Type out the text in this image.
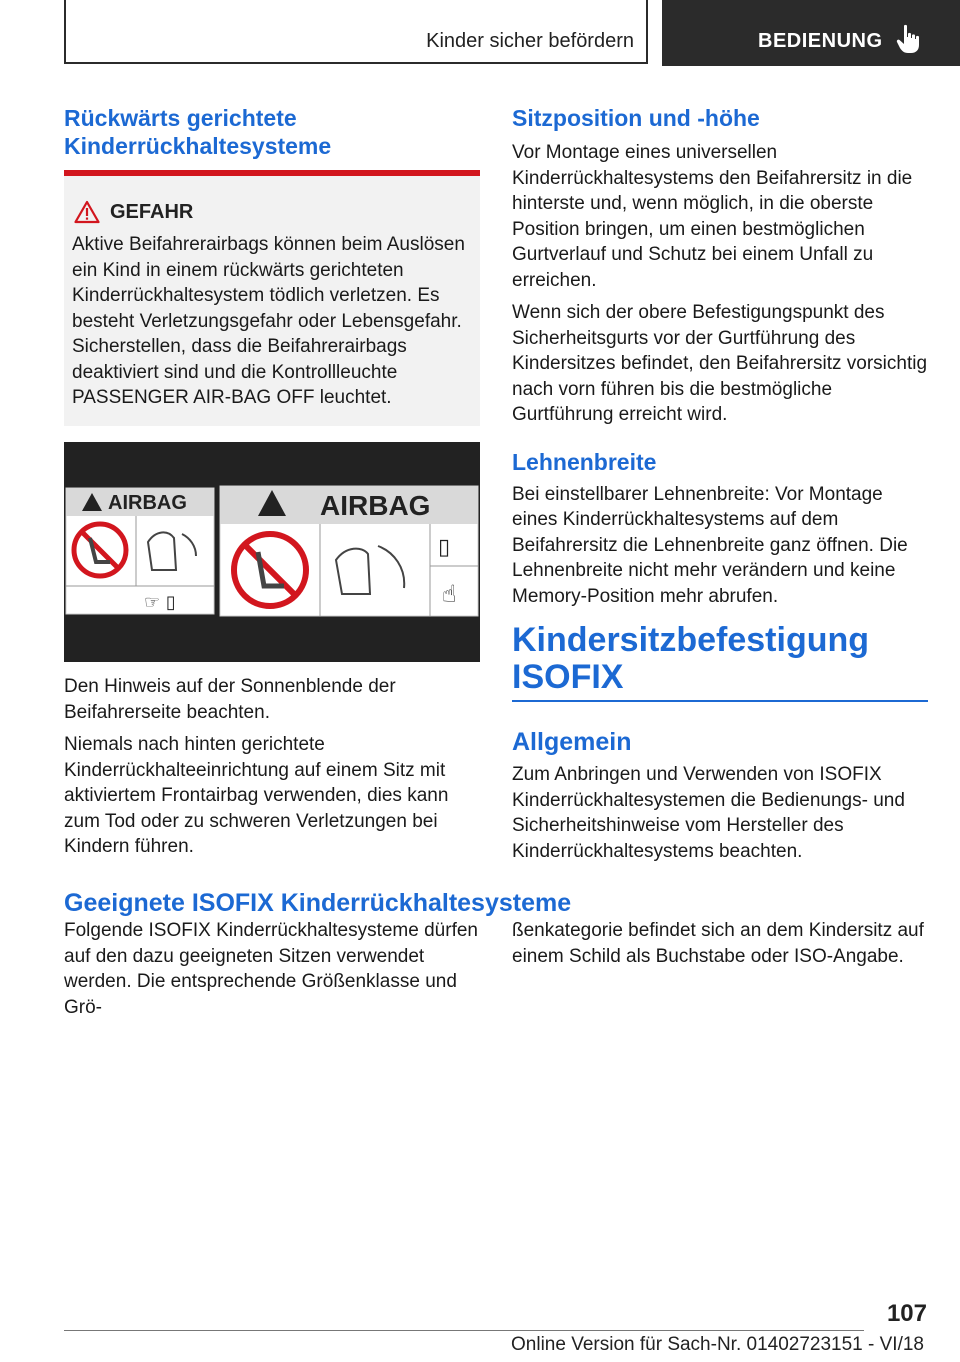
Kinder sicher befördern	BEDIENUNG
Rückwärts gerichtete Kinderrückhaltesysteme
GEFAHR

Aktive Beifahrerairbags können beim Auslösen ein Kind in einem rückwärts gerichteten Kinderrückhaltesystem tödlich verletzen. Es besteht Verletzungsgefahr oder Lebensgefahr. Sicherstellen, dass die Beifahrerairbags deaktiviert sind und die Kontrollleuchte PASSENGER AIR-BAG OFF leuchtet.

AIRBAG
☞ ▯
AIRBAG
▯
☝

Den Hinweis auf der Sonnenblende der Beifahrerseite beachten.

Niemals nach hinten gerichtete Kinderrückhalteeinrichtung auf einem Sitz mit aktiviertem Frontairbag verwenden, dies kann zum Tod oder zu schweren Verletzungen bei Kindern führen.

Sitzposition und -höhe

Vor Montage eines universellen Kinderrückhaltesystems den Beifahrersitz in die hinterste und, wenn möglich, in die oberste Position bringen, um einen bestmöglichen Gurtverlauf und Schutz bei einem Unfall zu erreichen.

Wenn sich der obere Befestigungspunkt des Sicherheitsgurts vor der Gurtführung des Kindersitzes befindet, den Beifahrersitz vorsichtig nach vorn führen bis die bestmögliche Gurtführung erreicht wird.

Lehnenbreite

Bei einstellbarer Lehnenbreite: Vor Montage eines Kinderrückhaltesystems auf dem Beifahrersitz die Lehnenbreite ganz öffnen. Die Lehnenbreite nicht mehr verändern und keine Memory-Position mehr abrufen.

Kindersitzbefestigung ISOFIX
Allgemein

Zum Anbringen und Verwenden von ISOFIX Kinderrückhaltesystemen die Bedienungs- und Sicherheitshinweise vom Hersteller des Kinderrückhaltesystems beachten.

Geeignete ISOFIX Kinderrückhaltesysteme

Folgende ISOFIX Kinderrückhaltesysteme dürfen auf den dazu geeigneten Sitzen verwendet werden. Die entsprechende Größenklasse und Grö-

ßenkategorie befindet sich an dem Kindersitz auf einem Schild als Buchstabe oder ISO-Angabe.

107
Online Version für Sach-Nr. 01402723151 - VI/18
